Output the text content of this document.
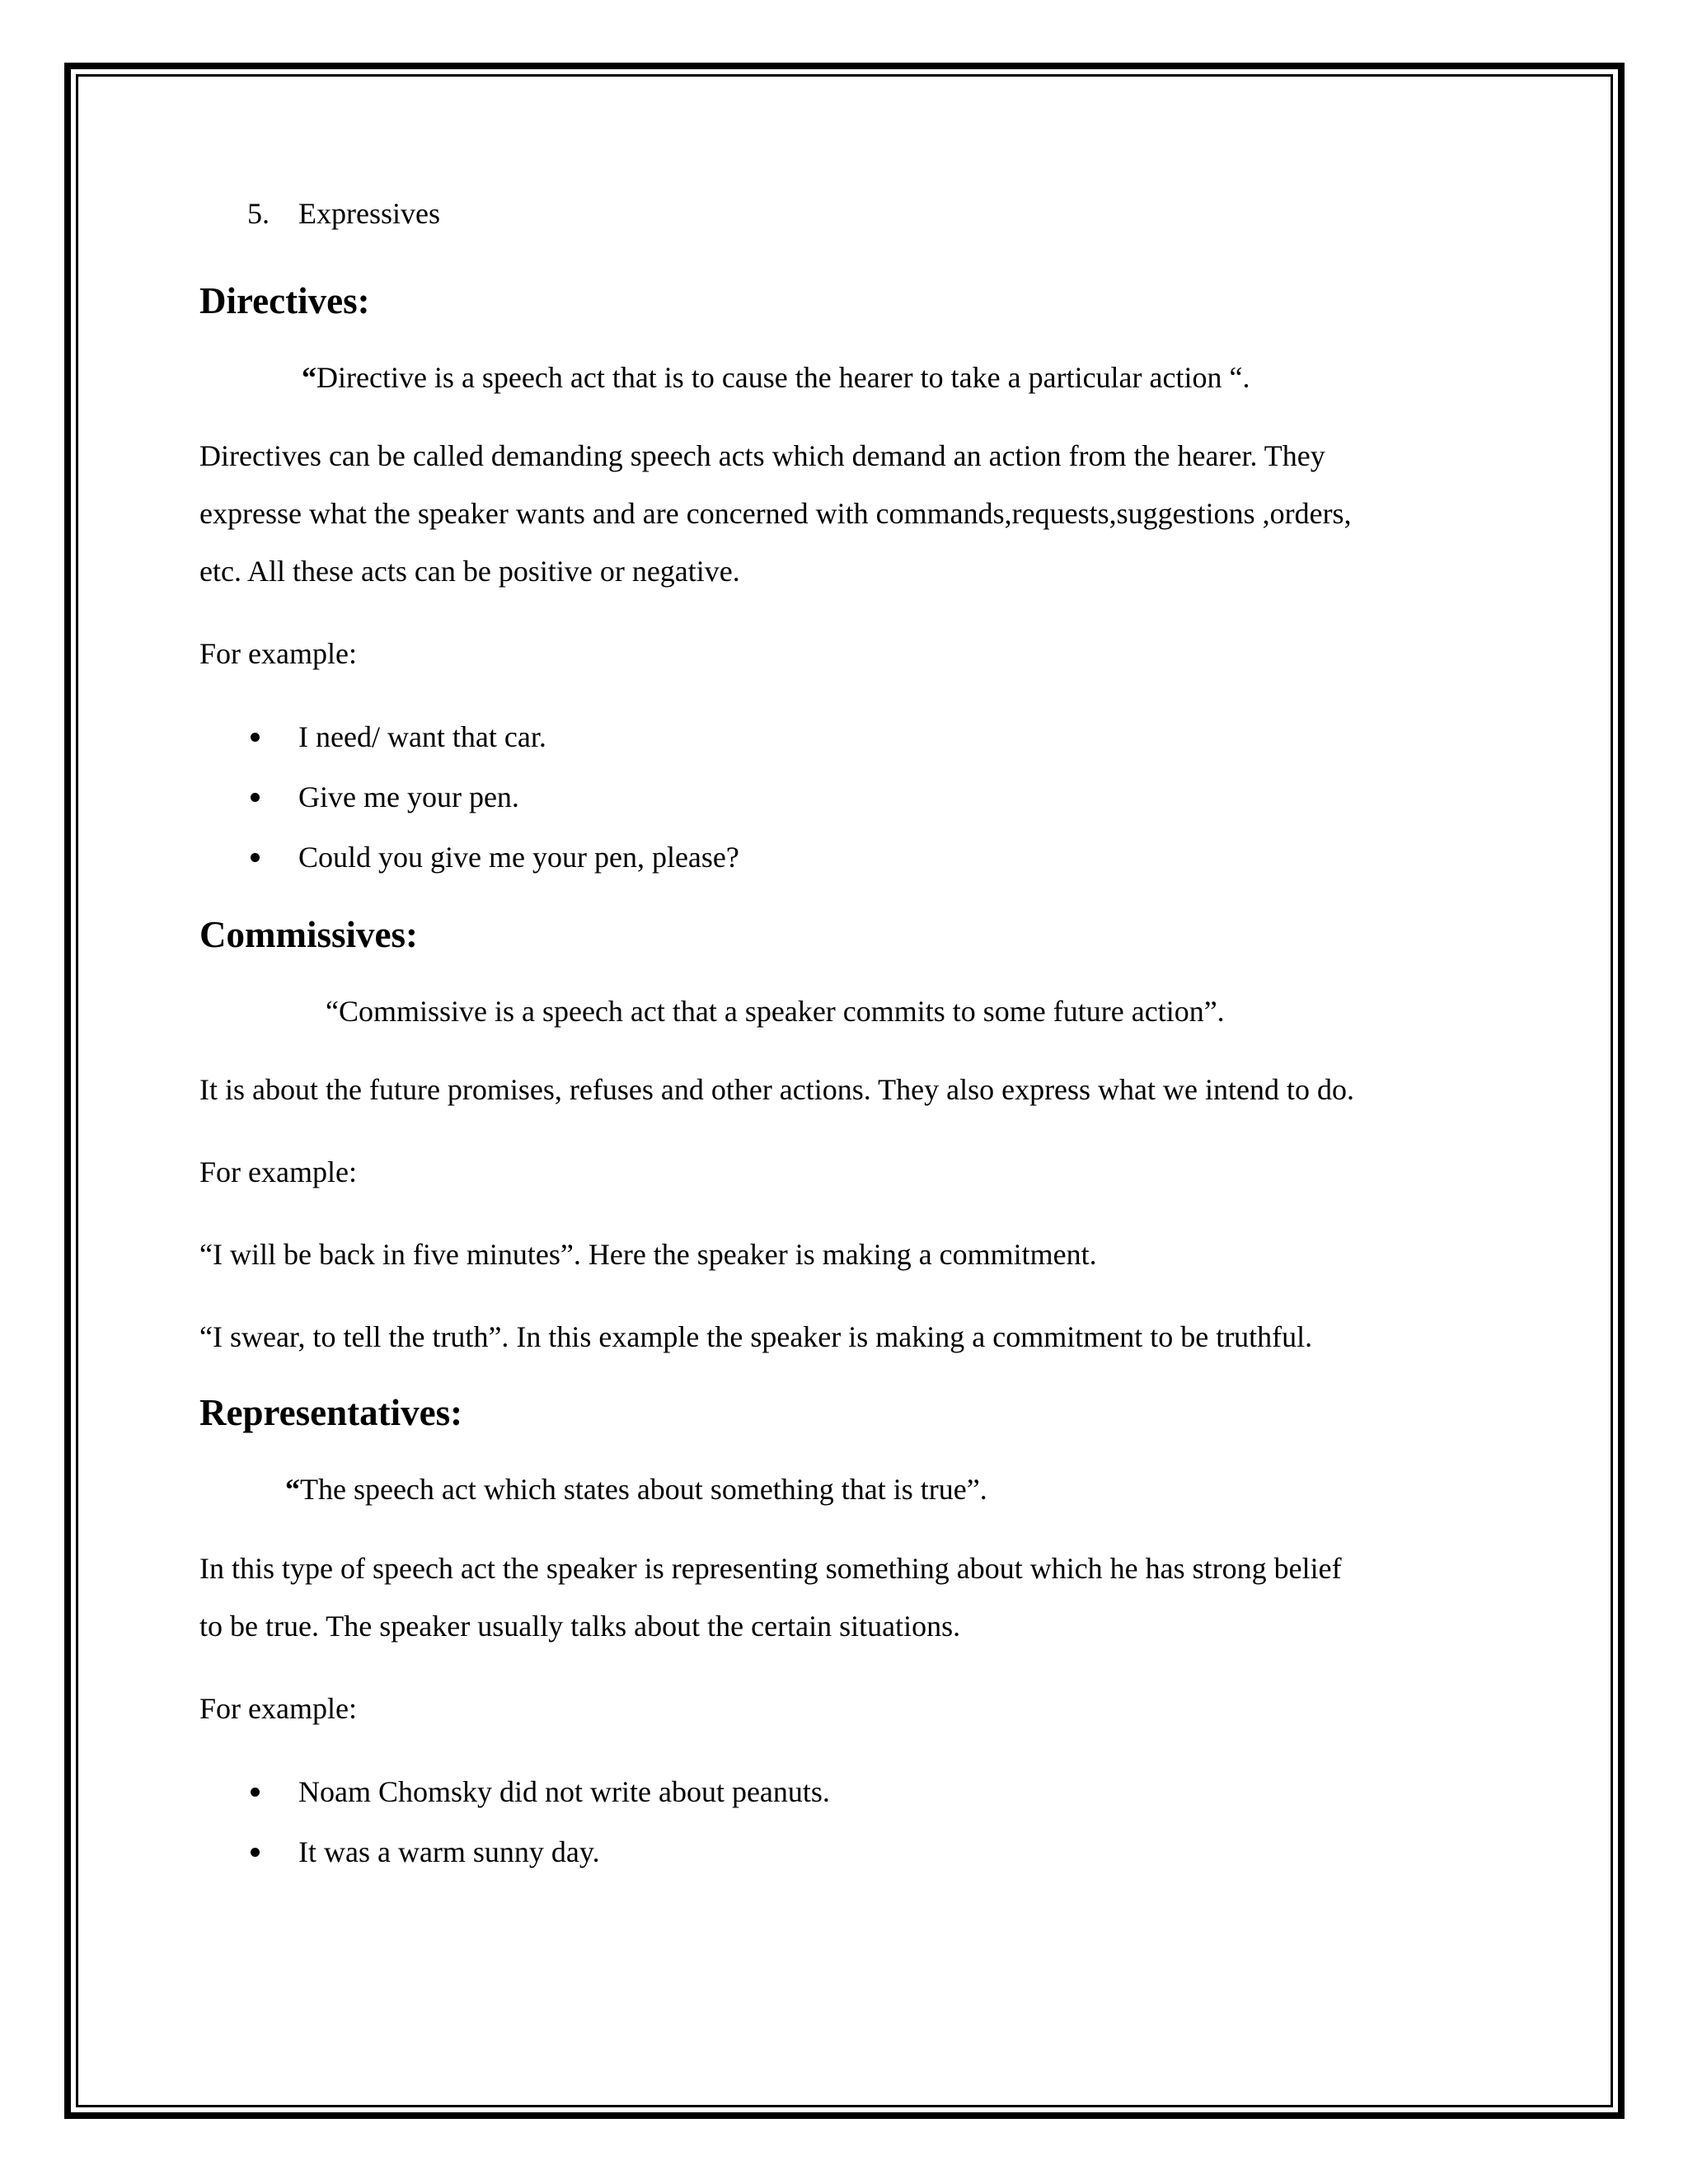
5. Expressives
Directives:

“Directive is a speech act that is to cause the hearer to take a particular action “.

Directives can be called demanding speech acts which demand an action from the hearer. They
expresse what the speaker wants and are concerned with commands,requests,suggestions ,orders,
etc. All these acts can be positive or negative.
For example:
I need/ want that car.
Give me your pen.
Could you give me your pen, please?
Commissives:

“Commissive is a speech act that a speaker commits to some future action”.

It is about the future promises, refuses and other actions. They also express what we intend to do.
For example:
“I will be back in five minutes”. Here the speaker is making a commitment.
“I swear, to tell the truth”. In this example the speaker is making a commitment to be truthful.
Representatives:

“The speech act which states about something that is true”.

In this type of speech act the speaker is representing something about which he has strong belief
to be true. The speaker usually talks about the certain situations.
For example:
Noam Chomsky did not write about peanuts.
It was a warm sunny day.
